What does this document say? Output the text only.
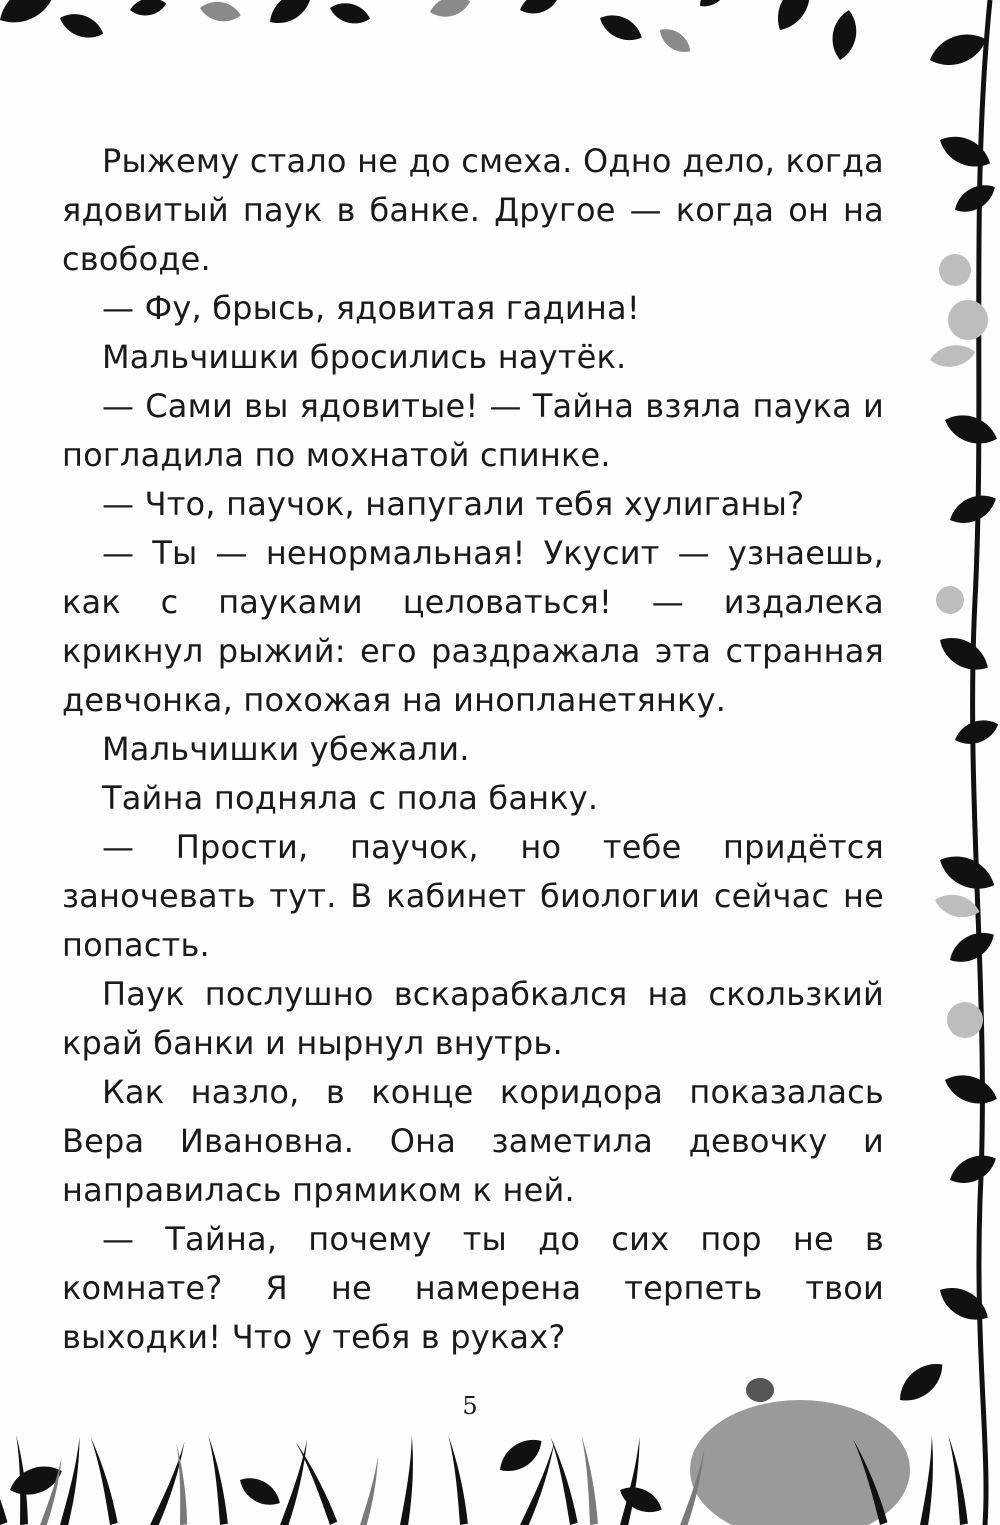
Рыжему стало не до смеха. Одно дело, когда ядовитый паук в банке. Другое — когда он на свободе.

— Фу, брысь, ядовитая гадина!

Мальчишки бросились наутёк.

— Сами вы ядовитые! — Тайна взяла паука и погладила по мохнатой спинке.

— Что, паучок, напугали тебя хулиганы?

— Ты — ненормальная! Укусит — узнаешь, как с пауками целоваться! — издалека крикнул рыжий: его раздражала эта странная девчонка, похожая на инопланетянку.

Мальчишки убежали.

Тайна подняла с пола банку.

— Прости, паучок, но тебе придётся заночевать тут. В кабинет биологии сейчас не попасть.

Паук послушно вскарабкался на скользкий край банки и нырнул внутрь.

Как назло, в конце коридора показалась Вера Ивановна. Она заметила девочку и направилась прямиком к ней.

— Тайна, почему ты до сих пор не в комнате? Я не намерена терпеть твои выходки! Что у тебя в руках?

5
